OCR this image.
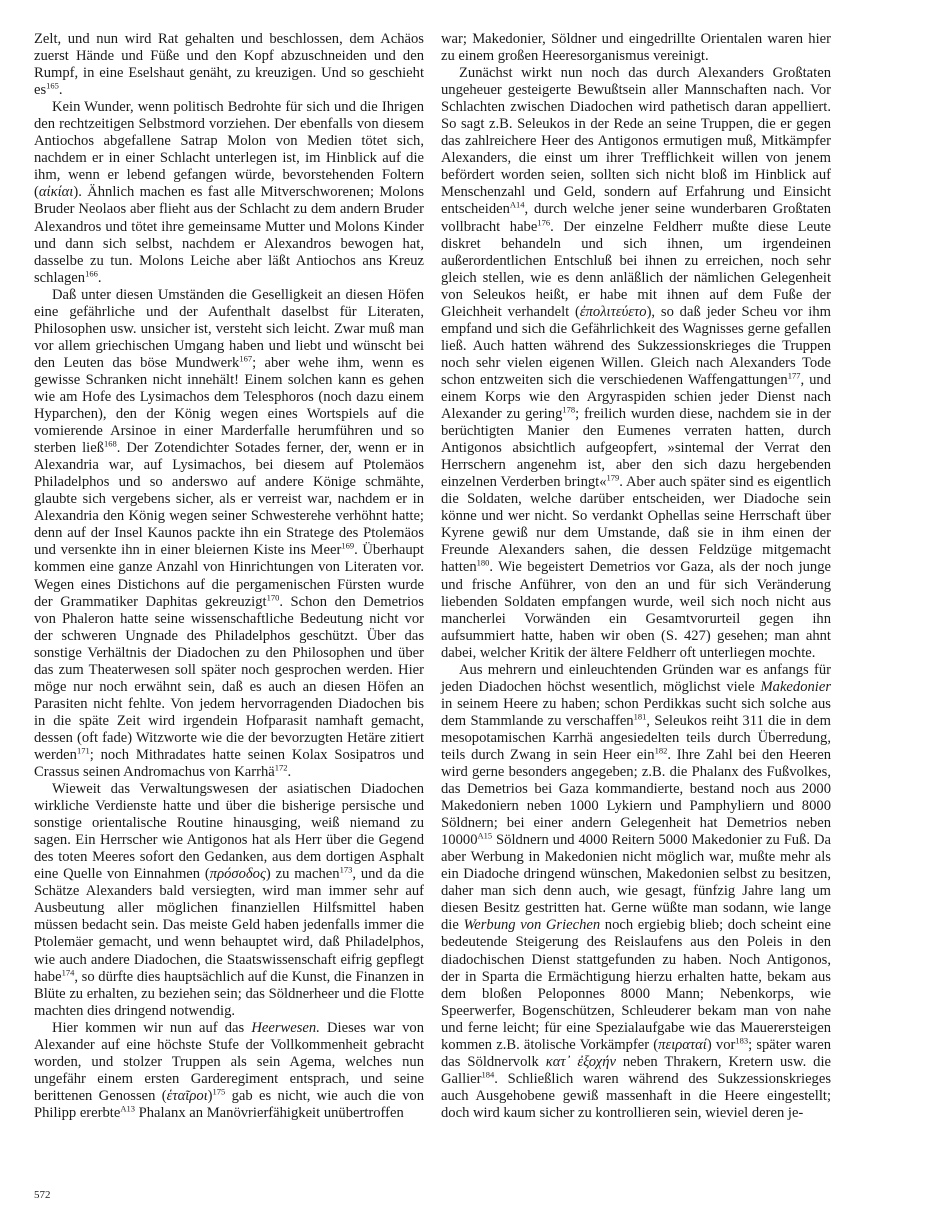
Zelt, und nun wird Rat gehalten und beschlossen, dem Achäos zuerst Hände und Füße und den Kopf abzuschneiden und den Rumpf, in eine Eselshaut genäht, zu kreuzigen. Und so geschieht $es^{165}$.

Kein Wunder, wenn politisch Bedrohte für sich und die Ihrigen den rechtzeitigen Selbstmord vorziehen. Der ebenfalls von diesem Antiochos abgefallene Satrap Molon von Medien tötet sich, nachdem er in einer Schlacht unterlegen ist, im Hinblick auf die ihm, wenn er lebend gefangen würde, bevorstehenden Foltern (αἰκίαι). Ähnlich machen es fast alle Mitverschworenen; Molons Bruder Neolaos aber flieht aus der Schlacht zu dem andern Bruder Alexandros und tötet ihre gemeinsame Mutter und Molons Kinder und dann sich selbst, nachdem er Alexandros bewogen hat, dasselbe zu tun. Molons Leiche aber läßt Antiochos ans Kreuz schlagen$^{166}$.

Daß unter diesen Umständen die Geselligkeit an diesen Höfen eine gefährliche und der Aufenthalt daselbst für Literaten, Philosophen usw. unsicher ist, versteht sich leicht. Zwar muß man vor allem griechischen Umgang haben und liebt und wünscht bei den Leuten das böse Mundwerk$^{167}$; aber wehe ihm, wenn es gewisse Schranken nicht innehält! Einem solchen kann es gehen wie am Hofe des Lysimachos dem Telesphoros (noch dazu einem Hyparchen), den der König wegen eines Wortspiels auf die vomierende Arsinoe in einer Marderfalle herumführen und so sterben ließ$^{168}$. Der Zotendichter Sotades ferner, der, wenn er in Alexandria war, auf Lysimachos, bei diesem auf Ptolemäos Philadelphos und so anderswo auf andere Könige schmähte, glaubte sich vergebens sicher, als er verreist war, nachdem er in Alexandria den König wegen seiner Schwesterehe verhöhnt hatte; denn auf der Insel Kaunos packte ihn ein Stratege des Ptolemäos und versenkte ihn in einer bleiernen Kiste ins Meer$^{169}$. Überhaupt kommen eine ganze Anzahl von Hinrichtungen von Literaten vor. Wegen eines Distichons auf die pergamenischen Fürsten wurde der Grammatiker Daphitas gekreuzigt$^{170}$. Schon den Demetrios von Phaleron hatte seine wissenschaftliche Bedeutung nicht vor der schweren Ungnade des Philadelphos geschützt. Über das sonstige Verhältnis der Diadochen zu den Philosophen und über das zum Theaterwesen soll später noch gesprochen werden. Hier möge nur noch erwähnt sein, daß es auch an diesen Höfen an Parasiten nicht fehlte. Von jedem hervorragenden Diadochen bis in die späte Zeit wird irgendein Hofparasit namhaft gemacht, dessen (oft fade) Witzworte wie die der bevorzugten Hetäre zitiert werden$^{171}$; noch Mithradates hatte seinen Kolax Sosipatros und Crassus seinen Andromachus von Karrhä$^{172}$.

Wieweit das Verwaltungswesen der asiatischen Diadochen wirkliche Verdienste hatte und über die bisherige persische und sonstige orientalische Routine hinausging, weiß niemand zu sagen. Ein Herrscher wie Antigonos hat als Herr über die Gegend des toten Meeres sofort den Gedanken, aus dem dortigen Asphalt eine Quelle von Einnahmen (πρόσοδος) zu machen$^{173}$, und da die Schätze Alexanders bald versiegten, wird man immer sehr auf Ausbeutung aller möglichen finanziellen Hilfsmittel haben müssen bedacht sein. Das meiste Geld haben jedenfalls immer die Ptolemäer gemacht, und wenn behauptet wird, daß Philadelphos, wie auch andere Diadochen, die Staatswissenschaft eifrig gepflegt habe$^{174}$, so dürfte dies hauptsächlich auf die Kunst, die Finanzen in Blüte zu erhalten, zu beziehen sein; das Söldnerheer und die Flotte machten dies dringend notwendig.

Hier kommen wir nun auf das Heerwesen. Dieses war von Alexander auf eine höchste Stufe der Vollkommenheit gebracht worden, und stolzer Truppen als sein Agema, welches nun ungefähr einem ersten Garderegiment entsprach, und seine berittenen Genossen (ἑταῖροι)$^{175}$ gab es nicht, wie auch die von Philipp ererbte$^{A13}$ Phalanx an Manövrierfähigkeit unübertroffen

war; Makedonier, Söldner und eingedrillte Orientalen waren hier zu einem großen Heeresorganismus vereinigt.

Zunächst wirkt nun noch das durch Alexanders Großtaten ungeheuer gesteigerte Bewußtsein aller Mannschaften nach. Vor Schlachten zwischen Diadochen wird pathetisch daran appelliert. So sagt z.B. Seleukos in der Rede an seine Truppen, die er gegen das zahlreichere Heer des Antigonos ermutigen muß, Mitkämpfer Alexanders, die einst um ihrer Trefflichkeit willen von jenem befördert worden seien, sollten sich nicht bloß im Hinblick auf Menschenzahl und Geld, sondern auf Erfahrung und Einsicht entscheiden$^{A14}$, durch welche jener seine wunderbaren Großtaten vollbracht habe$^{176}$. Der einzelne Feldherr mußte diese Leute diskret behandeln und sich ihnen, um irgendeinen außerordentlichen Entschluß bei ihnen zu erreichen, noch sehr gleich stellen, wie es denn anläßlich der nämlichen Gelegenheit von Seleukos heißt, er habe mit ihnen auf dem Fuße der Gleichheit verhandelt (ἐπολιτεύετο), so daß jeder Scheu vor ihm empfand und sich die Gefährlichkeit des Wagnisses gerne gefallen ließ. Auch hatten während des Sukzessionskrieges die Truppen noch sehr vielen eigenen Willen. Gleich nach Alexanders Tode schon entzweiten sich die verschiedenen Waffengattungen$^{177}$, und einem Korps wie den Argyraspiden schien jeder Dienst nach Alexander zu gering$^{178}$; freilich wurden diese, nachdem sie in der berüchtigten Manier den Eumenes verraten hatten, durch Antigonos absichtlich aufgeopfert, »sintemal der Verrat den Herrschern angenehm ist, aber den sich dazu hergebenden einzelnen Verderben bringt«$^{179}$. Aber auch später sind es eigentlich die Soldaten, welche darüber entscheiden, wer Diadoche sein könne und wer nicht. So verdankt Ophellas seine Herrschaft über Kyrene gewiß nur dem Umstande, daß sie in ihm einen der Freunde Alexanders sahen, die dessen Feldzüge mitgemacht hatten$^{180}$. Wie begeistert Demetrios vor Gaza, als der noch junge und frische Anführer, von den an und für sich Veränderung liebenden Soldaten empfangen wurde, weil sich noch nicht aus mancherlei Vorwänden ein Gesamtvorurteil gegen ihn aufsummiert hatte, haben wir oben (S. 427) gesehen; man ahnt dabei, welcher Kritik der ältere Feldherr oft unterliegen mochte.

Aus mehrern und einleuchtenden Gründen war es anfangs für jeden Diadochen höchst wesentlich, möglichst viele Makedonier in seinem Heere zu haben; schon Perdikkas sucht sich solche aus dem Stammlande zu verschaffen$^{181}$, Seleukos reiht 311 die in dem mesopotamischen Karrhä angesiedelten teils durch Überredung, teils durch Zwang in sein Heer ein$^{182}$. Ihre Zahl bei den Heeren wird gerne besonders angegeben; z.B. die Phalanx des Fußvolkes, das Demetrios bei Gaza kommandierte, bestand noch aus 2000 Makedoniern neben 1000 Lykiern und Pamphyliern und 8000 Söldnern; bei einer andern Gelegenheit hat Demetrios neben $10000^{A15}$ Söldnern und 4000 Reitern 5000 Makedonier zu Fuß. Da aber Werbung in Makedonien nicht möglich war, mußte mehr als ein Diadoche dringend wünschen, Makedonien selbst zu besitzen, daher man sich denn auch, wie gesagt, fünfzig Jahre lang um diesen Besitz gestritten hat. Gerne wüßte man sodann, wie lange die Werbung von Griechen noch ergiebig blieb; doch scheint eine bedeutende Steigerung des Reislaufens aus den Poleis in den diadochischen Dienst stattgefunden zu haben. Noch Antigonos, der in Sparta die Ermächtigung hierzu erhalten hatte, bekam aus dem bloßen Peloponnes 8000 Mann; Nebenkorps, wie Speerwerfer, Bogenschützen, Schleuderer bekam man von nahe und ferne leicht; für eine Spezialaufgabe wie das Mauerersteigen kommen z.B. ätolische Vorkämpfer (πειραταί) vor$^{183}$; später waren das Söldnervolk κατ᾽ ἐξοχήν neben Thrakern, Kretern usw. die Gallier$^{184}$. Schließlich waren während des Sukzessionskrieges auch Ausgehobene gewiß massenhaft in die Heere eingestellt; doch wird kaum sicher zu kontrollieren sein, wieviel deren je-

572
